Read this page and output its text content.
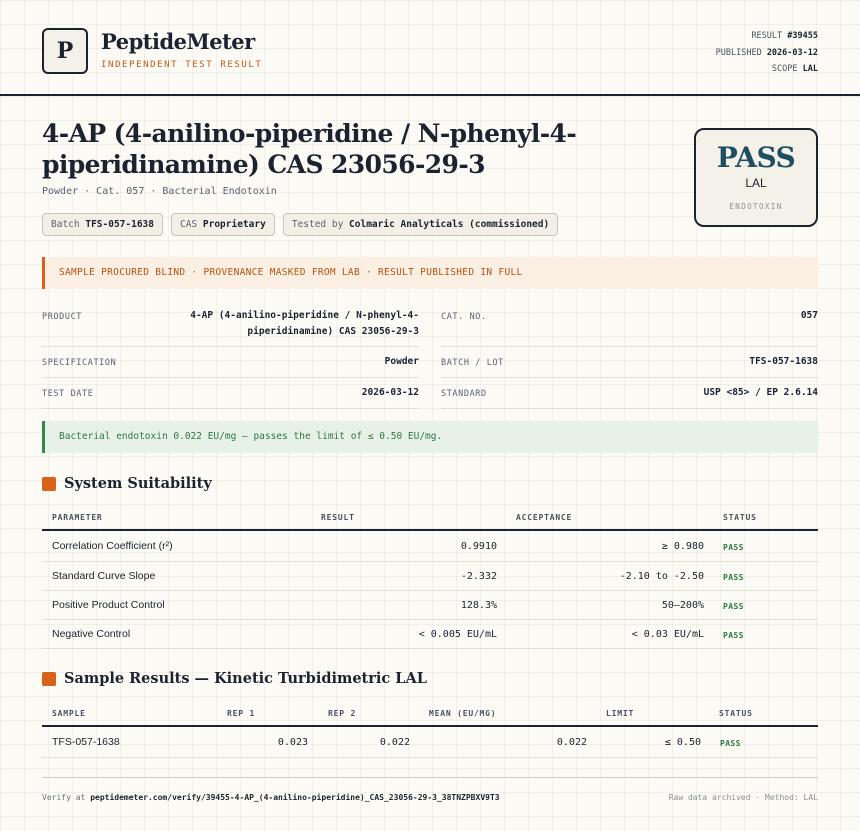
P PeptideMeter
INDEPENDENT TEST RESULT
RESULT #39455
PUBLISHED 2026-03-12
SCOPE LAL
4-AP (4-anilino-piperidine / N-phenyl-4-piperidinamine) CAS 23056-29-3
Powder · Cat. 057 · Bacterial Endotoxin
Batch TFS-057-1638	CAS Proprietary	Tested by Colmaric Analyticals (commissioned)
PASS
LAL
ENDOTOXIN
SAMPLE PROCURED BLIND · PROVENANCE MASKED FROM LAB · RESULT PUBLISHED IN FULL
PRODUCT	4-AP (4-anilino-piperidine / N-phenyl-4-
piperidinamine) CAS 23056-29-3
CAT. NO.	057
SPECIFICATION	Powder	BATCH / LOT	TFS-057-1638
TEST DATE	2026-03-12	STANDARD	USP <85> / EP 2.6.14
Bacterial endotoxin 0.022 EU/mg — passes the limit of ≤ 0.50 EU/mg.
System Suitability
PARAMETER	RESULT	ACCEPTANCE	STATUS
Correlation Coefficient (r²)	0.9910	≥ 0.980 PASS
Standard Curve Slope	-2.332	-2.10 to -2.50 PASS
Positive Product Control	128.3%	50–200% PASS
Negative Control	< 0.005 EU/mL	< 0.03 EU/mL PASS
Sample Results — Kinetic Turbidimetric LAL
SAMPLE	REP 1	REP 2	MEAN (EU/MG)	LIMIT	STATUS
TFS-057-1638	0.023	0.022	0.022	≤ 0.50 PASS
Verify at peptidemeter.com/verify/39455-4-AP_(4-anilino-piperidine)_CAS_23056-29-3_38TNZPBXV9T3	Raw data archived · Method: LAL
